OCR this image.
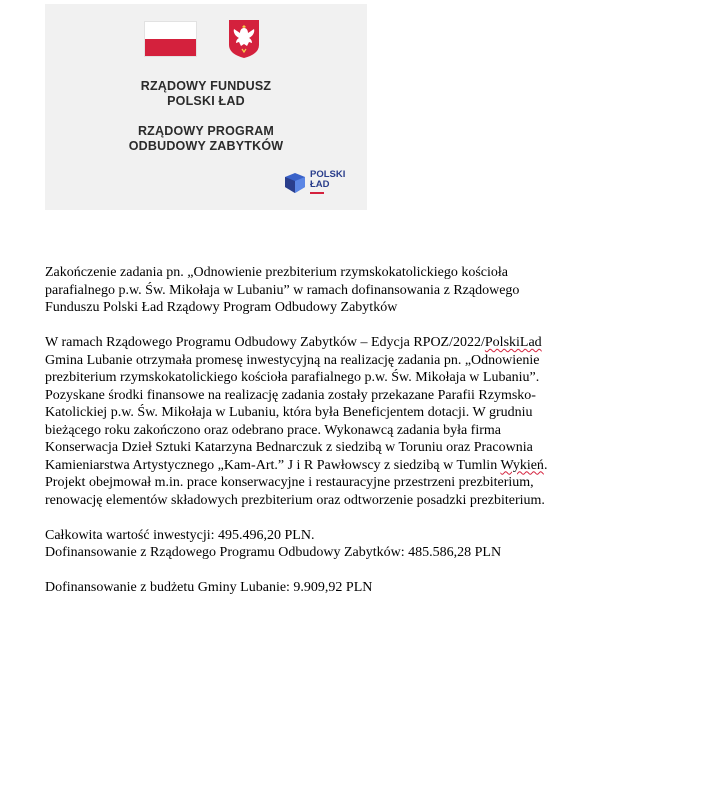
RZĄDOWY FUNDUSZ
POLSKI ŁAD
RZĄDOWY PROGRAM
ODBUDOWY ZABYTKÓW
POLSKI
ŁAD

Zakończenie zadania pn. „Odnowienie prezbiterium rzymskokatolickiego kościoła
parafialnego p.w. Św. Mikołaja w Lubaniu” w ramach dofinansowania z Rządowego
Funduszu Polski Ład Rządowy Program Odbudowy Zabytków

W ramach Rządowego Programu Odbudowy Zabytków – Edycja RPOZ/2022/PolskiLad
Gmina Lubanie otrzymała promesę inwestycyjną na realizację zadania pn. „Odnowienie
prezbiterium rzymskokatolickiego kościoła parafialnego p.w. Św. Mikołaja w Lubaniu”.
Pozyskane środki finansowe na realizację zadania zostały przekazane Parafii Rzymsko-
Katolickiej p.w. Św. Mikołaja w Lubaniu, która była Beneficjentem dotacji. W grudniu
bieżącego roku zakończono oraz odebrano prace. Wykonawcą zadania była firma
Konserwacja Dzieł Sztuki Katarzyna Bednarczuk z siedzibą w Toruniu oraz Pracownia
Kamieniarstwa Artystycznego „Kam-Art.” J i R Pawłowscy z siedzibą w Tumlin Wykień.
Projekt obejmował m.in. prace konserwacyjne i restauracyjne przestrzeni prezbiterium,
renowację elementów składowych prezbiterium oraz odtworzenie posadzki prezbiterium.

Całkowita wartość inwestycji: 495.496,20 PLN.
Dofinansowanie z Rządowego Programu Odbudowy Zabytków: 485.586,28 PLN

Dofinansowanie z budżetu Gminy Lubanie: 9.909,92 PLN
